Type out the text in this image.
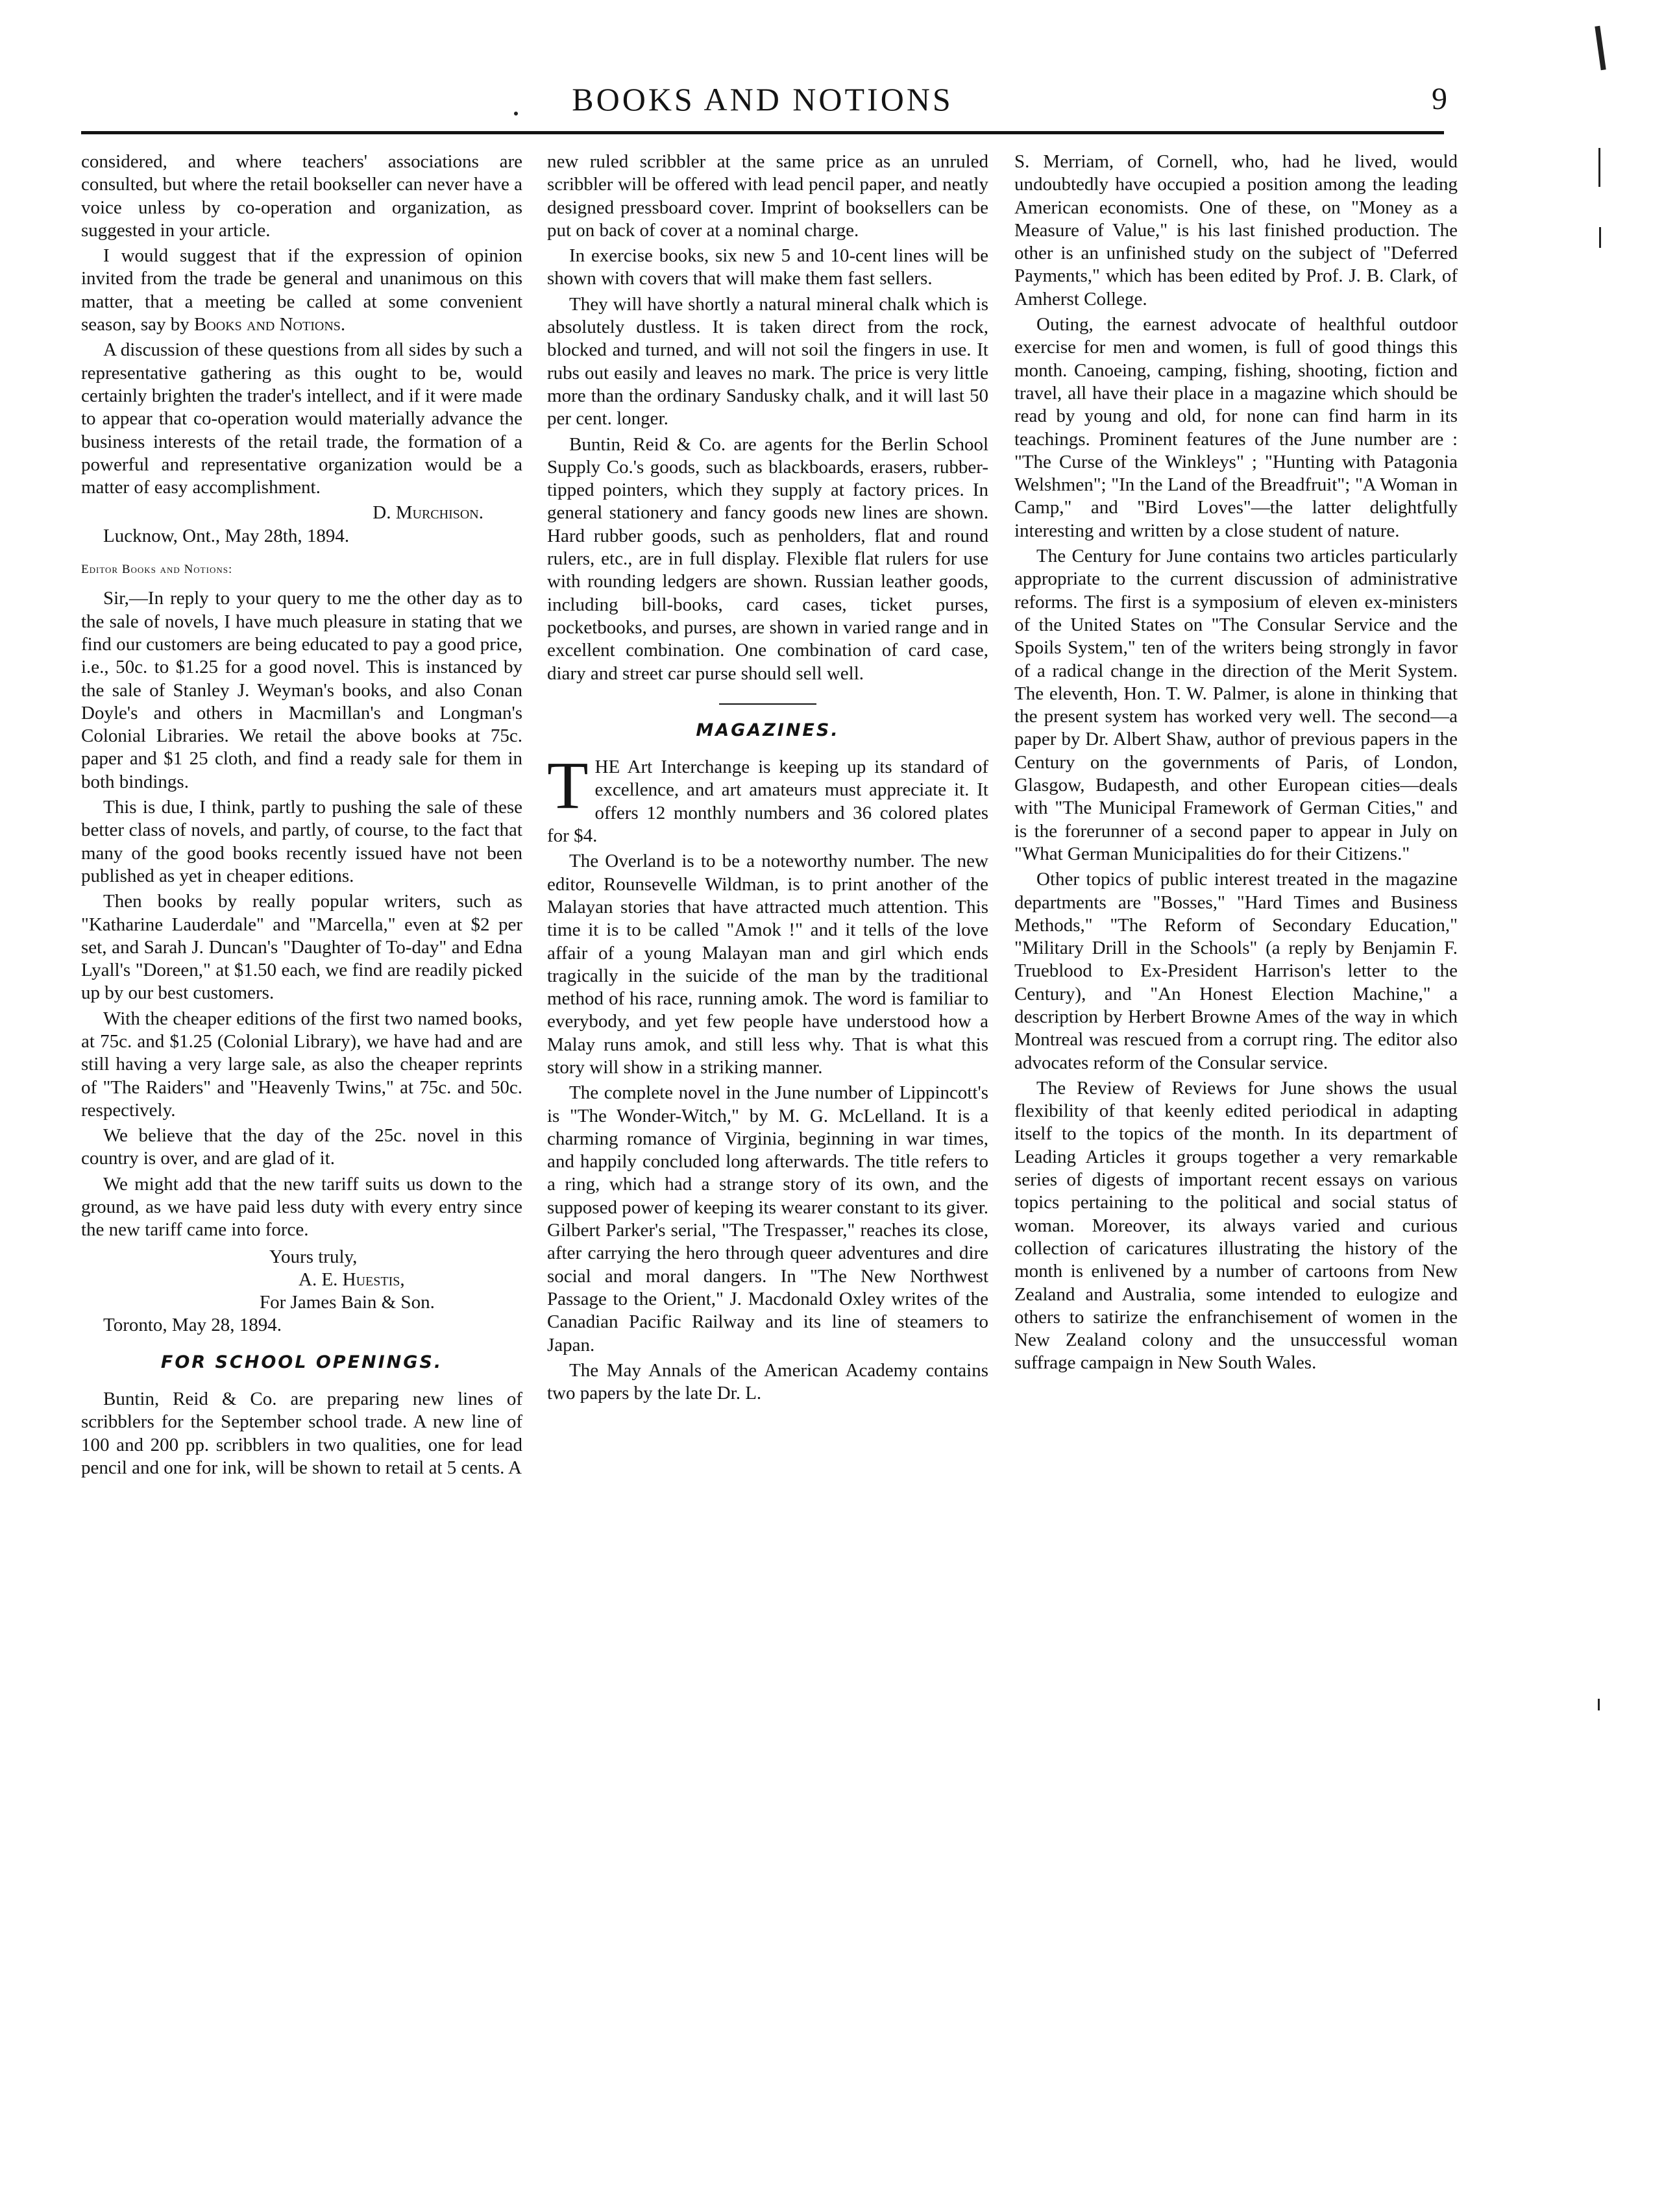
BOOKS AND NOTIONS	9

considered, and where teachers' associations are consulted, but where the retail bookseller can never have a voice unless by co-operation and organization, as suggested in your article.

I would suggest that if the expression of opinion invited from the trade be general and unanimous on this matter, that a meeting be called at some convenient season, say by Books and Notions.

A discussion of these questions from all sides by such a representative gathering as this ought to be, would certainly brighten the trader's intellect, and if it were made to appear that co-operation would materially advance the business interests of the retail trade, the formation of a powerful and representative organization would be a matter of easy accomplishment.

D. Murchison.

Lucknow, Ont., May 28th, 1894.

Editor Books and Notions:

Sir,—In reply to your query to me the other day as to the sale of novels, I have much pleasure in stating that we find our customers are being educated to pay a good price, i.e., 50c. to $1.25 for a good novel. This is instanced by the sale of Stanley J. Weyman's books, and also Conan Doyle's and others in Macmillan's and Longman's Colonial Libraries. We retail the above books at 75c. paper and $1 25 cloth, and find a ready sale for them in both bindings.

This is due, I think, partly to pushing the sale of these better class of novels, and partly, of course, to the fact that many of the good books recently issued have not been published as yet in cheaper editions.

Then books by really popular writers, such as "Katharine Lauderdale" and "Marcella," even at $2 per set, and Sarah J. Duncan's "Daughter of To-day" and Edna Lyall's "Doreen," at $1.50 each, we find are readily picked up by our best customers.

With the cheaper editions of the first two named books, at 75c. and $1.25 (Colonial Library), we have had and are still having a very large sale, as also the cheaper reprints of "The Raiders" and "Heavenly Twins," at 75c. and 50c. respectively.

We believe that the day of the 25c. novel in this country is over, and are glad of it.

We might add that the new tariff suits us down to the ground, as we have paid less duty with every entry since the new tariff came into force.

Yours truly,
A. E. Huestis,
For James Bain & Son.
Toronto, May 28, 1894.

FOR SCHOOL OPENINGS.

Buntin, Reid & Co. are preparing new lines of scribblers for the September school trade. A new line of 100 and 200 pp. scribblers in two qualities, one for lead pencil and one for ink, will be shown to retail at 5 cents. A

new ruled scribbler at the same price as an unruled scribbler will be offered with lead pencil paper, and neatly designed pressboard cover. Imprint of booksellers can be put on back of cover at a nominal charge.

In exercise books, six new 5 and 10-cent lines will be shown with covers that will make them fast sellers.

They will have shortly a natural mineral chalk which is absolutely dustless. It is taken direct from the rock, blocked and turned, and will not soil the fingers in use. It rubs out easily and leaves no mark. The price is very little more than the ordinary Sandusky chalk, and it will last 50 per cent. longer.

Buntin, Reid & Co. are agents for the Berlin School Supply Co.'s goods, such as blackboards, erasers, rubber-tipped pointers, which they supply at factory prices. In general stationery and fancy goods new lines are shown. Hard rubber goods, such as penholders, flat and round rulers, etc., are in full display. Flexible flat rulers for use with rounding ledgers are shown. Russian leather goods, including bill-books, card cases, ticket purses, pocketbooks, and purses, are shown in varied range and in excellent combination. One combination of card case, diary and street car purse should sell well.

MAGAZINES.

THE Art Interchange is keeping up its standard of excellence, and art amateurs must appreciate it. It offers 12 monthly numbers and 36 colored plates for $4.

The Overland is to be a noteworthy number. The new editor, Rounsevelle Wildman, is to print another of the Malayan stories that have attracted much attention. This time it is to be called "Amok !" and it tells of the love affair of a young Malayan man and girl which ends tragically in the suicide of the man by the traditional method of his race, running amok. The word is familiar to everybody, and yet few people have understood how a Malay runs amok, and still less why. That is what this story will show in a striking manner.

The complete novel in the June number of Lippincott's is "The Wonder-Witch," by M. G. McLelland. It is a charming romance of Virginia, beginning in war times, and happily concluded long afterwards. The title refers to a ring, which had a strange story of its own, and the supposed power of keeping its wearer constant to its giver. Gilbert Parker's serial, "The Trespasser," reaches its close, after carrying the hero through queer adventures and dire social and moral dangers. In "The New Northwest Passage to the Orient," J. Macdonald Oxley writes of the Canadian Pacific Railway and its line of steamers to Japan.

The May Annals of the American Academy contains two papers by the late Dr. L.

S. Merriam, of Cornell, who, had he lived, would undoubtedly have occupied a position among the leading American economists. One of these, on "Money as a Measure of Value," is his last finished production. The other is an unfinished study on the subject of "Deferred Payments," which has been edited by Prof. J. B. Clark, of Amherst College.

Outing, the earnest advocate of healthful outdoor exercise for men and women, is full of good things this month. Canoeing, camping, fishing, shooting, fiction and travel, all have their place in a magazine which should be read by young and old, for none can find harm in its teachings. Prominent features of the June number are : "The Curse of the Winkleys" ; "Hunting with Patagonia Welshmen"; "In the Land of the Breadfruit"; "A Woman in Camp," and "Bird Loves"—the latter delightfully interesting and written by a close student of nature.

The Century for June contains two articles particularly appropriate to the current discussion of administrative reforms. The first is a symposium of eleven ex-ministers of the United States on "The Consular Service and the Spoils System," ten of the writers being strongly in favor of a radical change in the direction of the Merit System. The eleventh, Hon. T. W. Palmer, is alone in thinking that the present system has worked very well. The second—a paper by Dr. Albert Shaw, author of previous papers in the Century on the governments of Paris, of London, Glasgow, Budapesth, and other European cities—deals with "The Municipal Framework of German Cities," and is the forerunner of a second paper to appear in July on "What German Municipalities do for their Citizens."

Other topics of public interest treated in the magazine departments are "Bosses," "Hard Times and Business Methods," "The Reform of Secondary Education," "Military Drill in the Schools" (a reply by Benjamin F. Trueblood to Ex-President Harrison's letter to the Century), and "An Honest Election Machine," a description by Herbert Browne Ames of the way in which Montreal was rescued from a corrupt ring. The editor also advocates reform of the Consular service.

The Review of Reviews for June shows the usual flexibility of that keenly edited periodical in adapting itself to the topics of the month. In its department of Leading Articles it groups together a very remarkable series of digests of important recent essays on various topics pertaining to the political and social status of woman. Moreover, its always varied and curious collection of caricatures illustrating the history of the month is enlivened by a number of cartoons from New Zealand and Australia, some intended to eulogize and others to satirize the enfranchisement of women in the New Zealand colony and the unsuccessful woman suffrage campaign in New South Wales.
